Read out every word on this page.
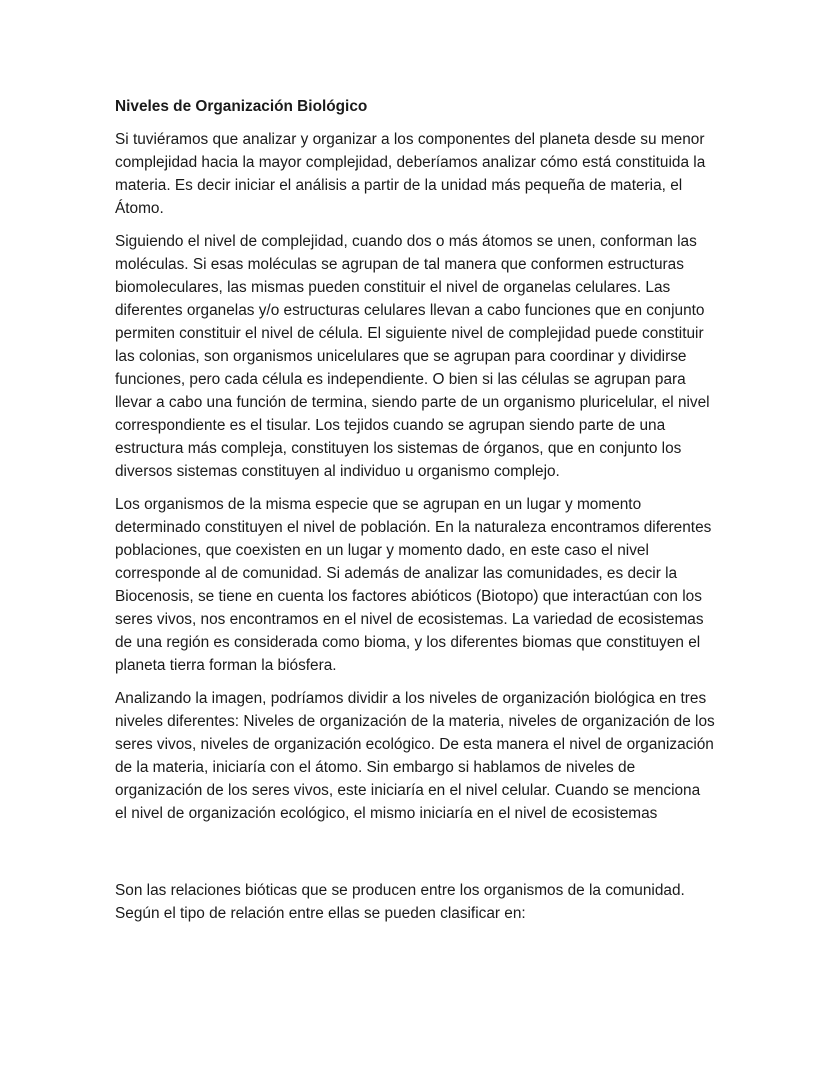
Niveles de Organización Biológico

Si tuviéramos que analizar y organizar a los componentes del planeta desde su menor complejidad hacia la mayor complejidad, deberíamos analizar cómo está constituida la materia. Es decir iniciar el análisis a partir de la unidad más pequeña de materia, el Átomo.

Siguiendo el nivel de complejidad, cuando dos o más átomos se unen, conforman las moléculas. Si esas moléculas se agrupan de tal manera que conformen estructuras biomoleculares, las mismas pueden constituir el nivel de organelas celulares. Las diferentes organelas y/o estructuras celulares llevan a cabo funciones que en conjunto permiten constituir el nivel de célula. El siguiente nivel de complejidad puede constituir las colonias, son organismos unicelulares que se agrupan para coordinar y dividirse funciones, pero cada célula es independiente. O bien si las células se agrupan para llevar a cabo una función de termina, siendo parte de un organismo pluricelular, el nivel correspondiente es el tisular. Los tejidos cuando se agrupan siendo parte de una estructura más compleja, constituyen los sistemas de órganos, que en conjunto los diversos sistemas constituyen al individuo u organismo complejo.

Los organismos de la misma especie que se agrupan en un lugar y momento determinado constituyen el nivel de población. En la naturaleza encontramos diferentes poblaciones, que coexisten en un lugar y momento dado, en este caso el nivel corresponde al de comunidad. Si además de analizar las comunidades, es decir la Biocenosis, se tiene en cuenta los factores abióticos (Biotopo) que interactúan con los seres vivos, nos encontramos en el nivel de ecosistemas. La variedad de ecosistemas de una región es considerada como bioma, y los diferentes biomas que constituyen el planeta tierra forman la biósfera.

Analizando la imagen, podríamos dividir a los niveles de organización biológica en tres niveles diferentes: Niveles de organización de la materia, niveles de organización de los seres vivos, niveles de organización ecológico. De esta manera el nivel de organización de la materia, iniciaría con el átomo. Sin embargo si hablamos de niveles de organización de los seres vivos, este iniciaría en el nivel celular. Cuando se menciona el nivel de organización ecológico, el mismo iniciaría en el nivel de ecosistemas

Son las relaciones bióticas que se producen entre los organismos de la comunidad. Según el tipo de relación entre ellas se pueden clasificar en:
